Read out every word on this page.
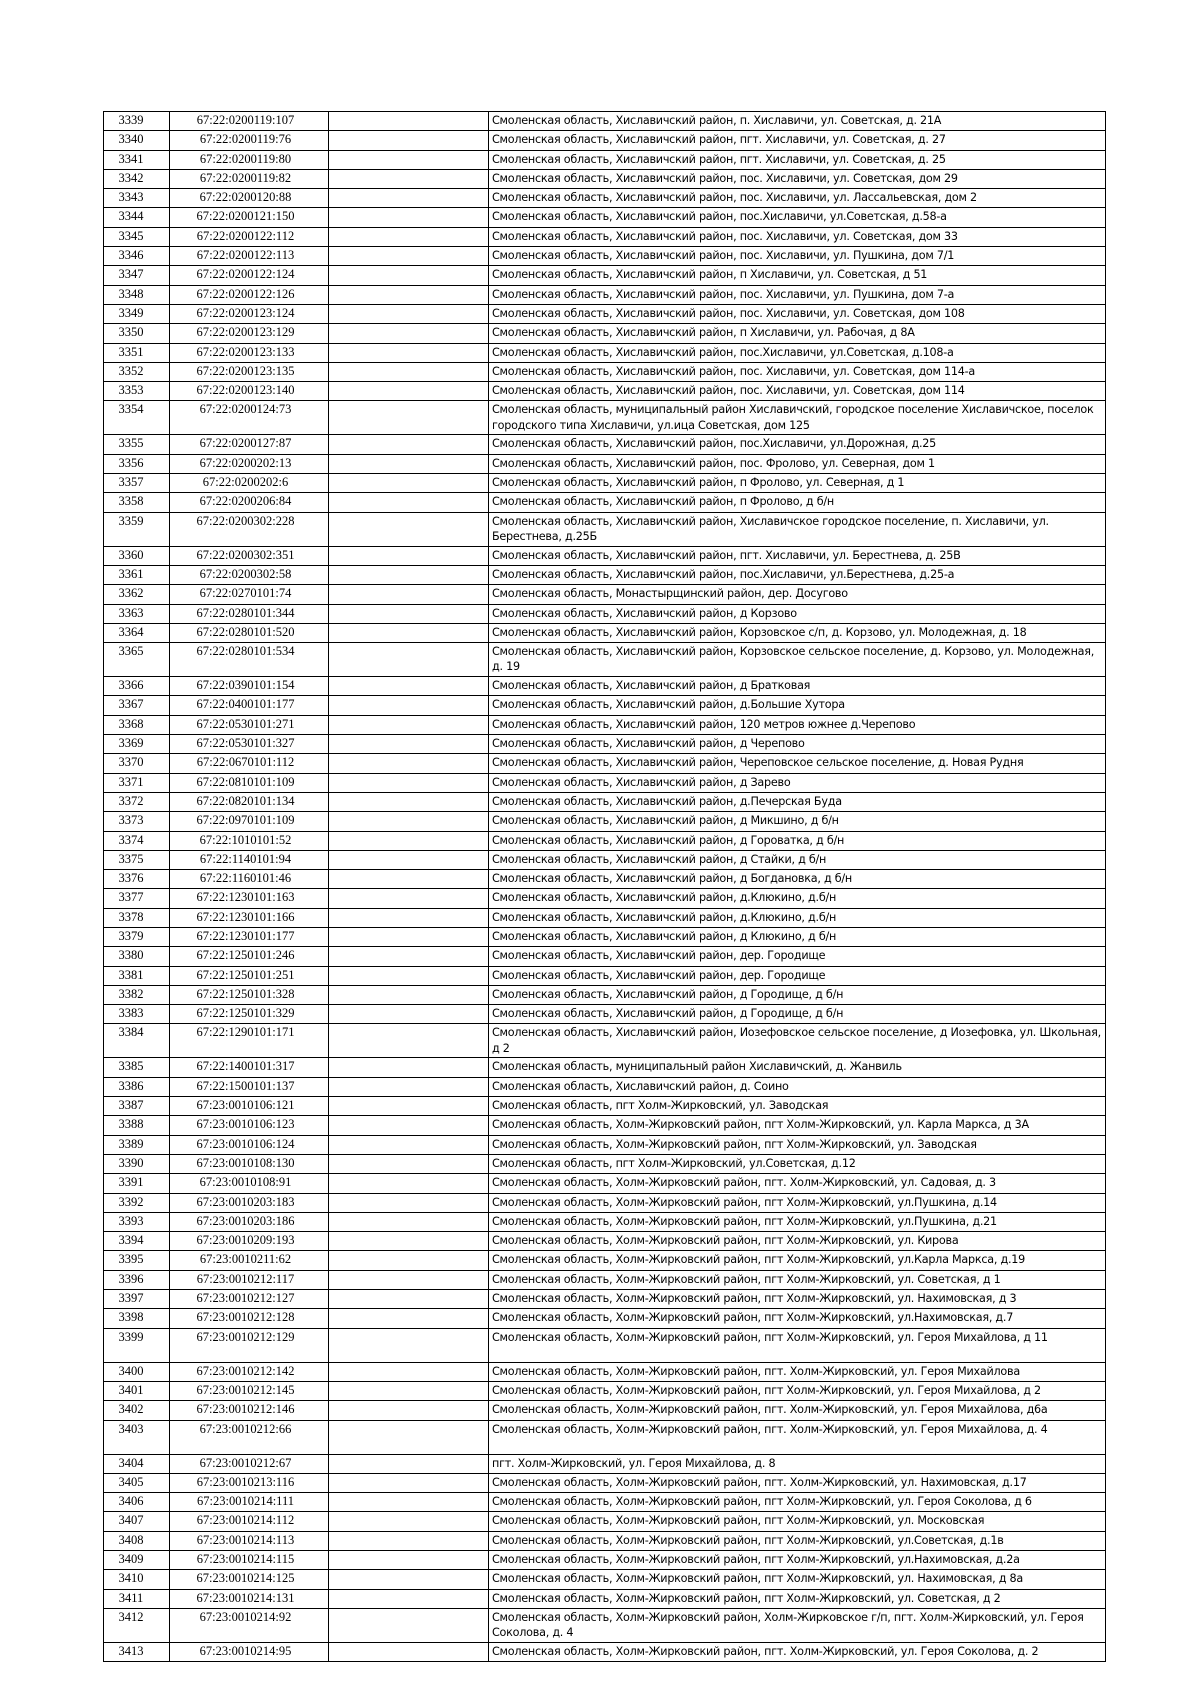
3339	67:22:0200119:107		Смоленская область, Хиславичский район, п. Хиславичи, ул. Советская, д. 21А
3340	67:22:0200119:76		Смоленская область, Хиславичский район, пгт. Хиславичи, ул. Советская, д. 27
3341	67:22:0200119:80		Смоленская область, Хиславичский район, пгт. Хиславичи, ул. Советская, д. 25
3342	67:22:0200119:82		Смоленская область, Хиславичский район, пос. Хиславичи, ул. Советская, дом 29
3343	67:22:0200120:88		Смоленская область, Хиславичский район, пос. Хиславичи, ул. Лассальевская, дом 2
3344	67:22:0200121:150		Смоленская область, Хиславичский район, пос.Хиславичи, ул.Советская, д.58-а
3345	67:22:0200122:112		Смоленская область, Хиславичский район, пос. Хиславичи, ул. Советская, дом 33
3346	67:22:0200122:113		Смоленская область, Хиславичский район, пос. Хиславичи, ул. Пушкина, дом 7/1
3347	67:22:0200122:124		Смоленская область, Хиславичский район, п Хиславичи, ул. Советская, д 51
3348	67:22:0200122:126		Смоленская область, Хиславичский район, пос. Хиславичи, ул. Пушкина, дом 7-а
3349	67:22:0200123:124		Смоленская область, Хиславичский район, пос. Хиславичи, ул. Советская, дом 108
3350	67:22:0200123:129		Смоленская область, Хиславичский район, п Хиславичи, ул. Рабочая, д 8А
3351	67:22:0200123:133		Смоленская область, Хиславичский район, пос.Хиславичи, ул.Советская, д.108-а
3352	67:22:0200123:135		Смоленская область, Хиславичский район, пос. Хиславичи, ул. Советская, дом 114-а
3353	67:22:0200123:140		Смоленская область, Хиславичский район, пос. Хиславичи, ул. Советская, дом 114
3354	67:22:0200124:73		Смоленская область, муниципальный район Хиславичский, городское поселение Хиславичское, поселок городского типа Хиславичи, ул.ица Советская, дом 125
3355	67:22:0200127:87		Смоленская область, Хиславичский район, пос.Хиславичи, ул.Дорожная, д.25
3356	67:22:0200202:13		Смоленская область, Хиславичский район, пос. Фролово, ул. Северная, дом 1
3357	67:22:0200202:6		Смоленская область, Хиславичский район, п Фролово, ул. Северная, д 1
3358	67:22:0200206:84		Смоленская область, Хиславичский район, п Фролово, д б/н
3359	67:22:0200302:228		Смоленская область, Хиславичский район, Хиславичское городское поселение, п. Хиславичи, ул. Берестнева, д.25Б
3360	67:22:0200302:351		Смоленская область, Хиславичский район, пгт. Хиславичи, ул. Берестнева, д. 25В
3361	67:22:0200302:58		Смоленская область, Хиславичский район, пос.Хиславичи, ул.Берестнева, д.25-а
3362	67:22:0270101:74		Смоленская область, Монастырщинский район, дер. Досугово
3363	67:22:0280101:344		Смоленская область, Хиславичский район, д Корзово
3364	67:22:0280101:520		Смоленская область, Хиславичский район, Корзовское с/п, д. Корзово, ул. Молодежная, д. 18
3365	67:22:0280101:534		Смоленская область, Хиславичский район, Корзовское сельское поселение, д. Корзово, ул. Молодежная, д. 19
3366	67:22:0390101:154		Смоленская область, Хиславичский район, д Братковая
3367	67:22:0400101:177		Смоленская область, Хиславичский район, д.Большие Хутора
3368	67:22:0530101:271		Смоленская область, Хиславичский район, 120 метров южнее д.Черепово
3369	67:22:0530101:327		Смоленская область, Хиславичский район, д Черепово
3370	67:22:0670101:112		Смоленская область, Хиславичский район, Череповское сельское поселение, д. Новая Рудня
3371	67:22:0810101:109		Смоленская область, Хиславичский район, д Зарево
3372	67:22:0820101:134		Смоленская область, Хиславичский район, д.Печерская Буда
3373	67:22:0970101:109		Смоленская область, Хиславичский район, д Микшино, д б/н
3374	67:22:1010101:52		Смоленская область, Хиславичский район, д Гороватка, д б/н
3375	67:22:1140101:94		Смоленская область, Хиславичский район, д Стайки, д б/н
3376	67:22:1160101:46		Смоленская область, Хиславичский район, д Богдановка, д б/н
3377	67:22:1230101:163		Смоленская область, Хиславичский район, д.Клюкино, д.б/н
3378	67:22:1230101:166		Смоленская область, Хиславичский район, д.Клюкино, д.б/н
3379	67:22:1230101:177		Смоленская область, Хиславичский район, д Клюкино, д б/н
3380	67:22:1250101:246		Смоленская область, Хиславичский район, дер. Городище
3381	67:22:1250101:251		Смоленская область, Хиславичский район, дер. Городище
3382	67:22:1250101:328		Смоленская область, Хиславичский район, д Городище, д б/н
3383	67:22:1250101:329		Смоленская область, Хиславичский район, д Городище, д б/н
3384	67:22:1290101:171		Смоленская область, Хиславичский район, Иозефовское сельское поселение, д Иозефовка, ул. Школьная, д 2
3385	67:22:1400101:317		Смоленская область, муниципальный район Хиславичский, д. Жанвиль
3386	67:22:1500101:137		Смоленская область, Хиславичский район, д. Соино
3387	67:23:0010106:121		Смоленская область, пгт Холм-Жирковский, ул. Заводская
3388	67:23:0010106:123		Смоленская область, Холм-Жирковский район, пгт Холм-Жирковский, ул. Карла Маркса, д 3А
3389	67:23:0010106:124		Смоленская область, Холм-Жирковский район, пгт Холм-Жирковский, ул. Заводская
3390	67:23:0010108:130		Смоленская область, пгт Холм-Жирковский, ул.Советская, д.12
3391	67:23:0010108:91		Смоленская область, Холм-Жирковский район, пгт. Холм-Жирковский, ул. Садовая, д. 3
3392	67:23:0010203:183		Смоленская область, Холм-Жирковский район, пгт Холм-Жирковский, ул.Пушкина, д.14
3393	67:23:0010203:186		Смоленская область, Холм-Жирковский район, пгт Холм-Жирковский, ул.Пушкина, д.21
3394	67:23:0010209:193		Смоленская область, Холм-Жирковский район, пгт Холм-Жирковский, ул. Кирова
3395	67:23:0010211:62		Смоленская область, Холм-Жирковский район, пгт Холм-Жирковский, ул.Карла Маркса, д.19
3396	67:23:0010212:117		Смоленская область, Холм-Жирковский район, пгт Холм-Жирковский, ул. Советская, д 1
3397	67:23:0010212:127		Смоленская область, Холм-Жирковский район, пгт Холм-Жирковский, ул. Нахимовская, д 3
3398	67:23:0010212:128		Смоленская область, Холм-Жирковский район, пгт Холм-Жирковский, ул.Нахимовская, д.7
3399	67:23:0010212:129		Смоленская область, Холм-Жирковский район, пгт Холм-Жирковский, ул. Героя Михайлова, д 11
3400	67:23:0010212:142		Смоленская область, Холм-Жирковский район, пгт. Холм-Жирковский, ул. Героя Михайлова
3401	67:23:0010212:145		Смоленская область, Холм-Жирковский район, пгт Холм-Жирковский, ул. Героя Михайлова, д 2
3402	67:23:0010212:146		Смоленская область, Холм-Жирковский район, пгт. Холм-Жирковский, ул. Героя Михайлова, д6а
3403	67:23:0010212:66		Смоленская область, Холм-Жирковский район, пгт. Холм-Жирковский, ул. Героя Михайлова, д. 4
3404	67:23:0010212:67		пгт. Холм-Жирковский, ул. Героя Михайлова, д. 8
3405	67:23:0010213:116		Смоленская область, Холм-Жирковский район, пгт. Холм-Жирковский, ул. Нахимовская, д.17
3406	67:23:0010214:111		Смоленская область, Холм-Жирковский район, пгт Холм-Жирковский, ул. Героя Соколова, д 6
3407	67:23:0010214:112		Смоленская область, Холм-Жирковский район, пгт Холм-Жирковский, ул. Московская
3408	67:23:0010214:113		Смоленская область, Холм-Жирковский район, пгт Холм-Жирковский, ул.Советская, д.1в
3409	67:23:0010214:115		Смоленская область, Холм-Жирковский район, пгт Холм-Жирковский, ул.Нахимовская, д.2а
3410	67:23:0010214:125		Смоленская область, Холм-Жирковский район, пгт Холм-Жирковский, ул. Нахимовская, д 8а
3411	67:23:0010214:131		Смоленская область, Холм-Жирковский район, пгт Холм-Жирковский, ул. Советская, д 2
3412	67:23:0010214:92		Смоленская область, Холм-Жирковский район, Холм-Жирковское г/п, пгт. Холм-Жирковский, ул. Героя Соколова, д. 4
3413	67:23:0010214:95		Смоленская область, Холм-Жирковский район, пгт. Холм-Жирковский, ул. Героя Соколова, д. 2
